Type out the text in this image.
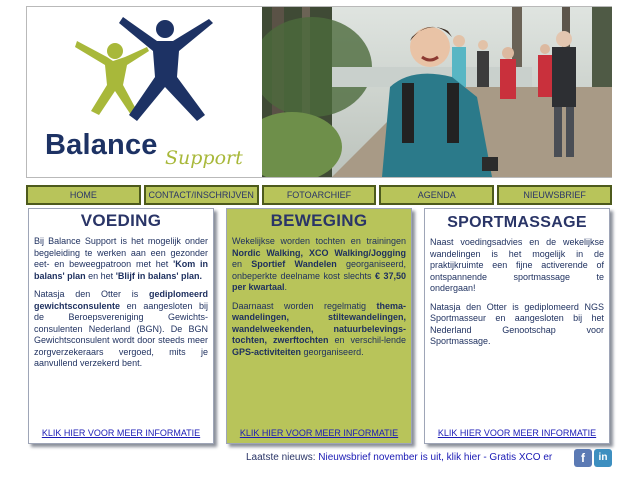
Balance Support
HOME	CONTACT/INSCHRIJVEN	FOTOARCHIEF	AGENDA	NIEUWSBRIEF
VOEDING

Bij Balance Support is het mogelijk onder begeleiding te werken aan een gezonder eet- en beweegpatroon met het 'Kom in balans' plan en het 'Blijf in balans' plan.

Natasja den Otter is gediplomeerd gewichtsconsulente en aangesloten bij de Beroepsvereniging Gewichts-consulenten Nederland (BGN). De BGN Gewichtsconsulent wordt door steeds meer zorgverzekeraars vergoed, mits je aanvullend verzekerd bent.

KLIK HIER VOOR MEER INFORMATIE
BEWEGING

Wekelijkse worden tochten en trainingen Nordic Walking, XCO Walking/Jogging en Sportief Wandelen georganiseerd, onbeperkte deelname kost slechts € 37,50 per kwartaal.

Daarnaast worden regelmatig thema-wandelingen, stiltewandelingen, wandelweekenden, natuurbelevings-tochten, zwerftochten en verschil-lende GPS-activiteiten georganiseerd.

KLIK HIER VOOR MEER INFORMATIE
SPORTMASSAGE

Naast voedingsadvies en de wekelijkse wandelingen is het mogelijk in de praktijkruimte een fijne activerende of ontspannende sportmassage te ondergaan!

Natasja den Otter is gediplomeerd NGS Sportmasseur en aangesloten bij het Nederland Genootschap voor Sportmassage.

KLIK HIER VOOR MEER INFORMATIE
Laatste nieuws: Nieuwsbrief november is uit, klik hier - Gratis XCO er	f	in
